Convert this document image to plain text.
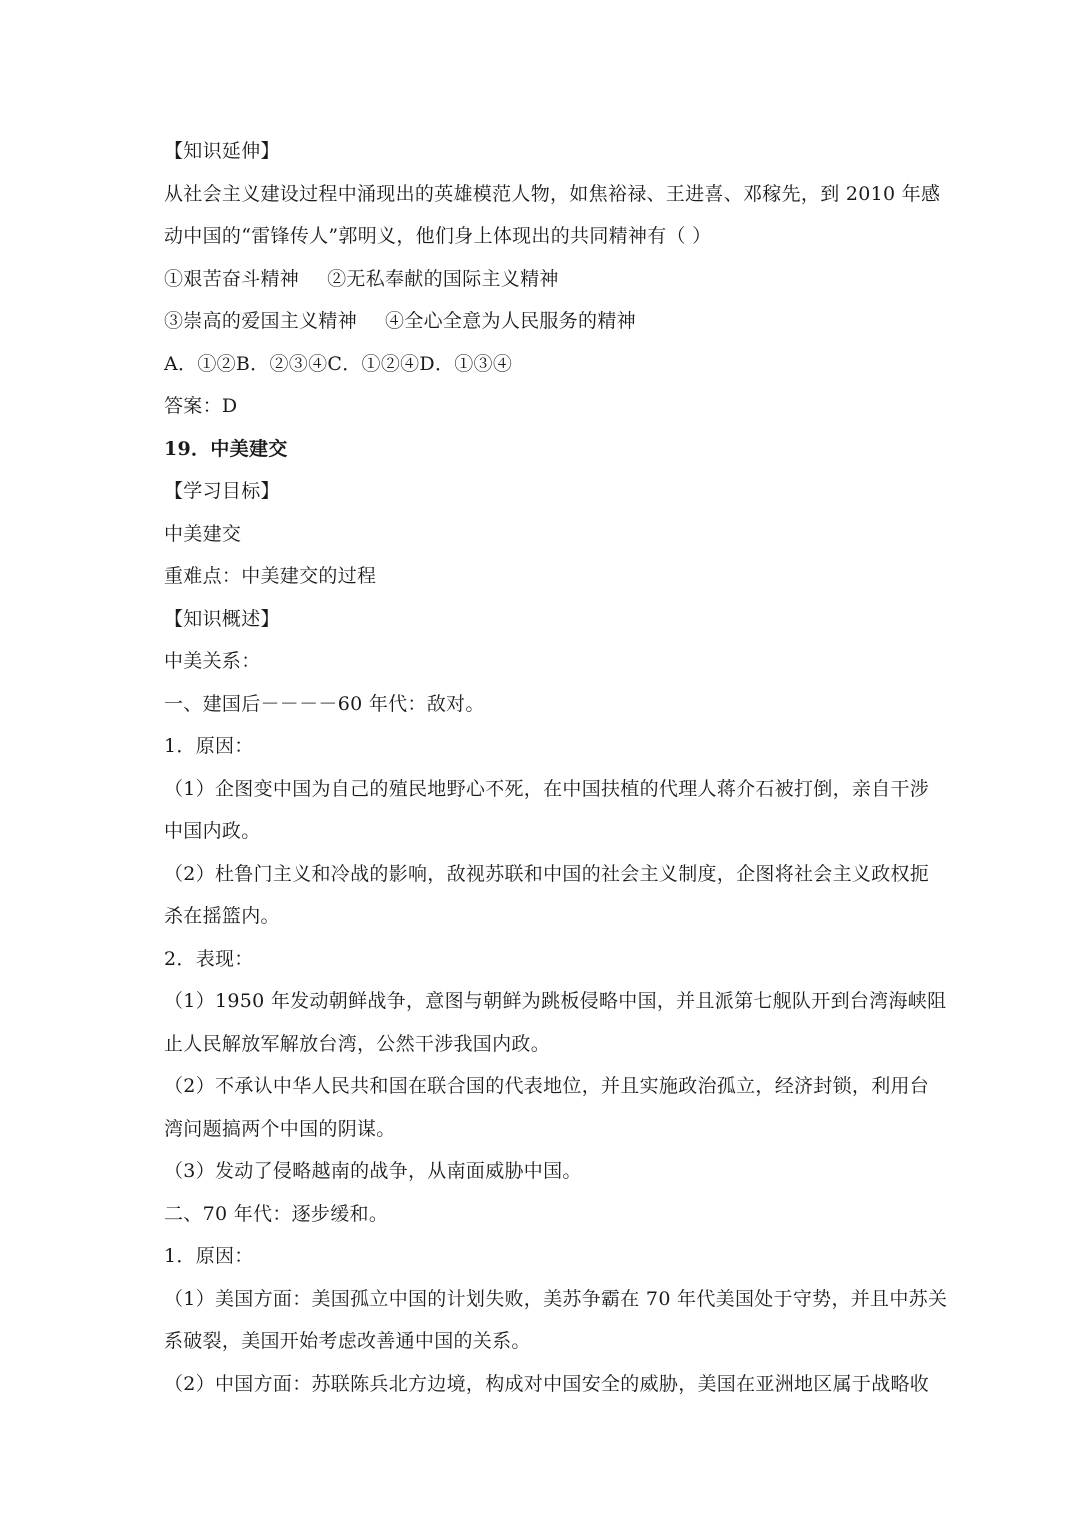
【知识延伸】
从社会主义建设过程中涌现出的英雄模范人物，如焦裕禄、王进喜、邓稼先，到 2010 年感
动中国的“雷锋传人”郭明义，他们身上体现出的共同精神有（ ）
①艰苦奋斗精神 ②无私奉献的国际主义精神
③崇高的爱国主义精神 ④全心全意为人民服务的精神
A．①②B．②③④C．①②④D．①③④
答案：D
19．中美建交
【学习目标】
中美建交
重难点：中美建交的过程
【知识概述】
中美关系：
一、建国后－－－－60 年代：敌对。
1．原因：
（1）企图变中国为自己的殖民地野心不死，在中国扶植的代理人蒋介石被打倒，亲自干涉
中国内政。
（2）杜鲁门主义和冷战的影响，敌视苏联和中国的社会主义制度，企图将社会主义政权扼
杀在摇篮内。
2．表现：
（1）1950 年发动朝鲜战争，意图与朝鲜为跳板侵略中国，并且派第七舰队开到台湾海峡阻
止人民解放军解放台湾，公然干涉我国内政。
（2）不承认中华人民共和国在联合国的代表地位，并且实施政治孤立，经济封锁，利用台
湾问题搞两个中国的阴谋。
（3）发动了侵略越南的战争，从南面威胁中国。
二、70 年代：逐步缓和。
1．原因：
（1）美国方面：美国孤立中国的计划失败，美苏争霸在 70 年代美国处于守势，并且中苏关
系破裂，美国开始考虑改善通中国的关系。
（2）中国方面：苏联陈兵北方边境，构成对中国安全的威胁，美国在亚洲地区属于战略收
